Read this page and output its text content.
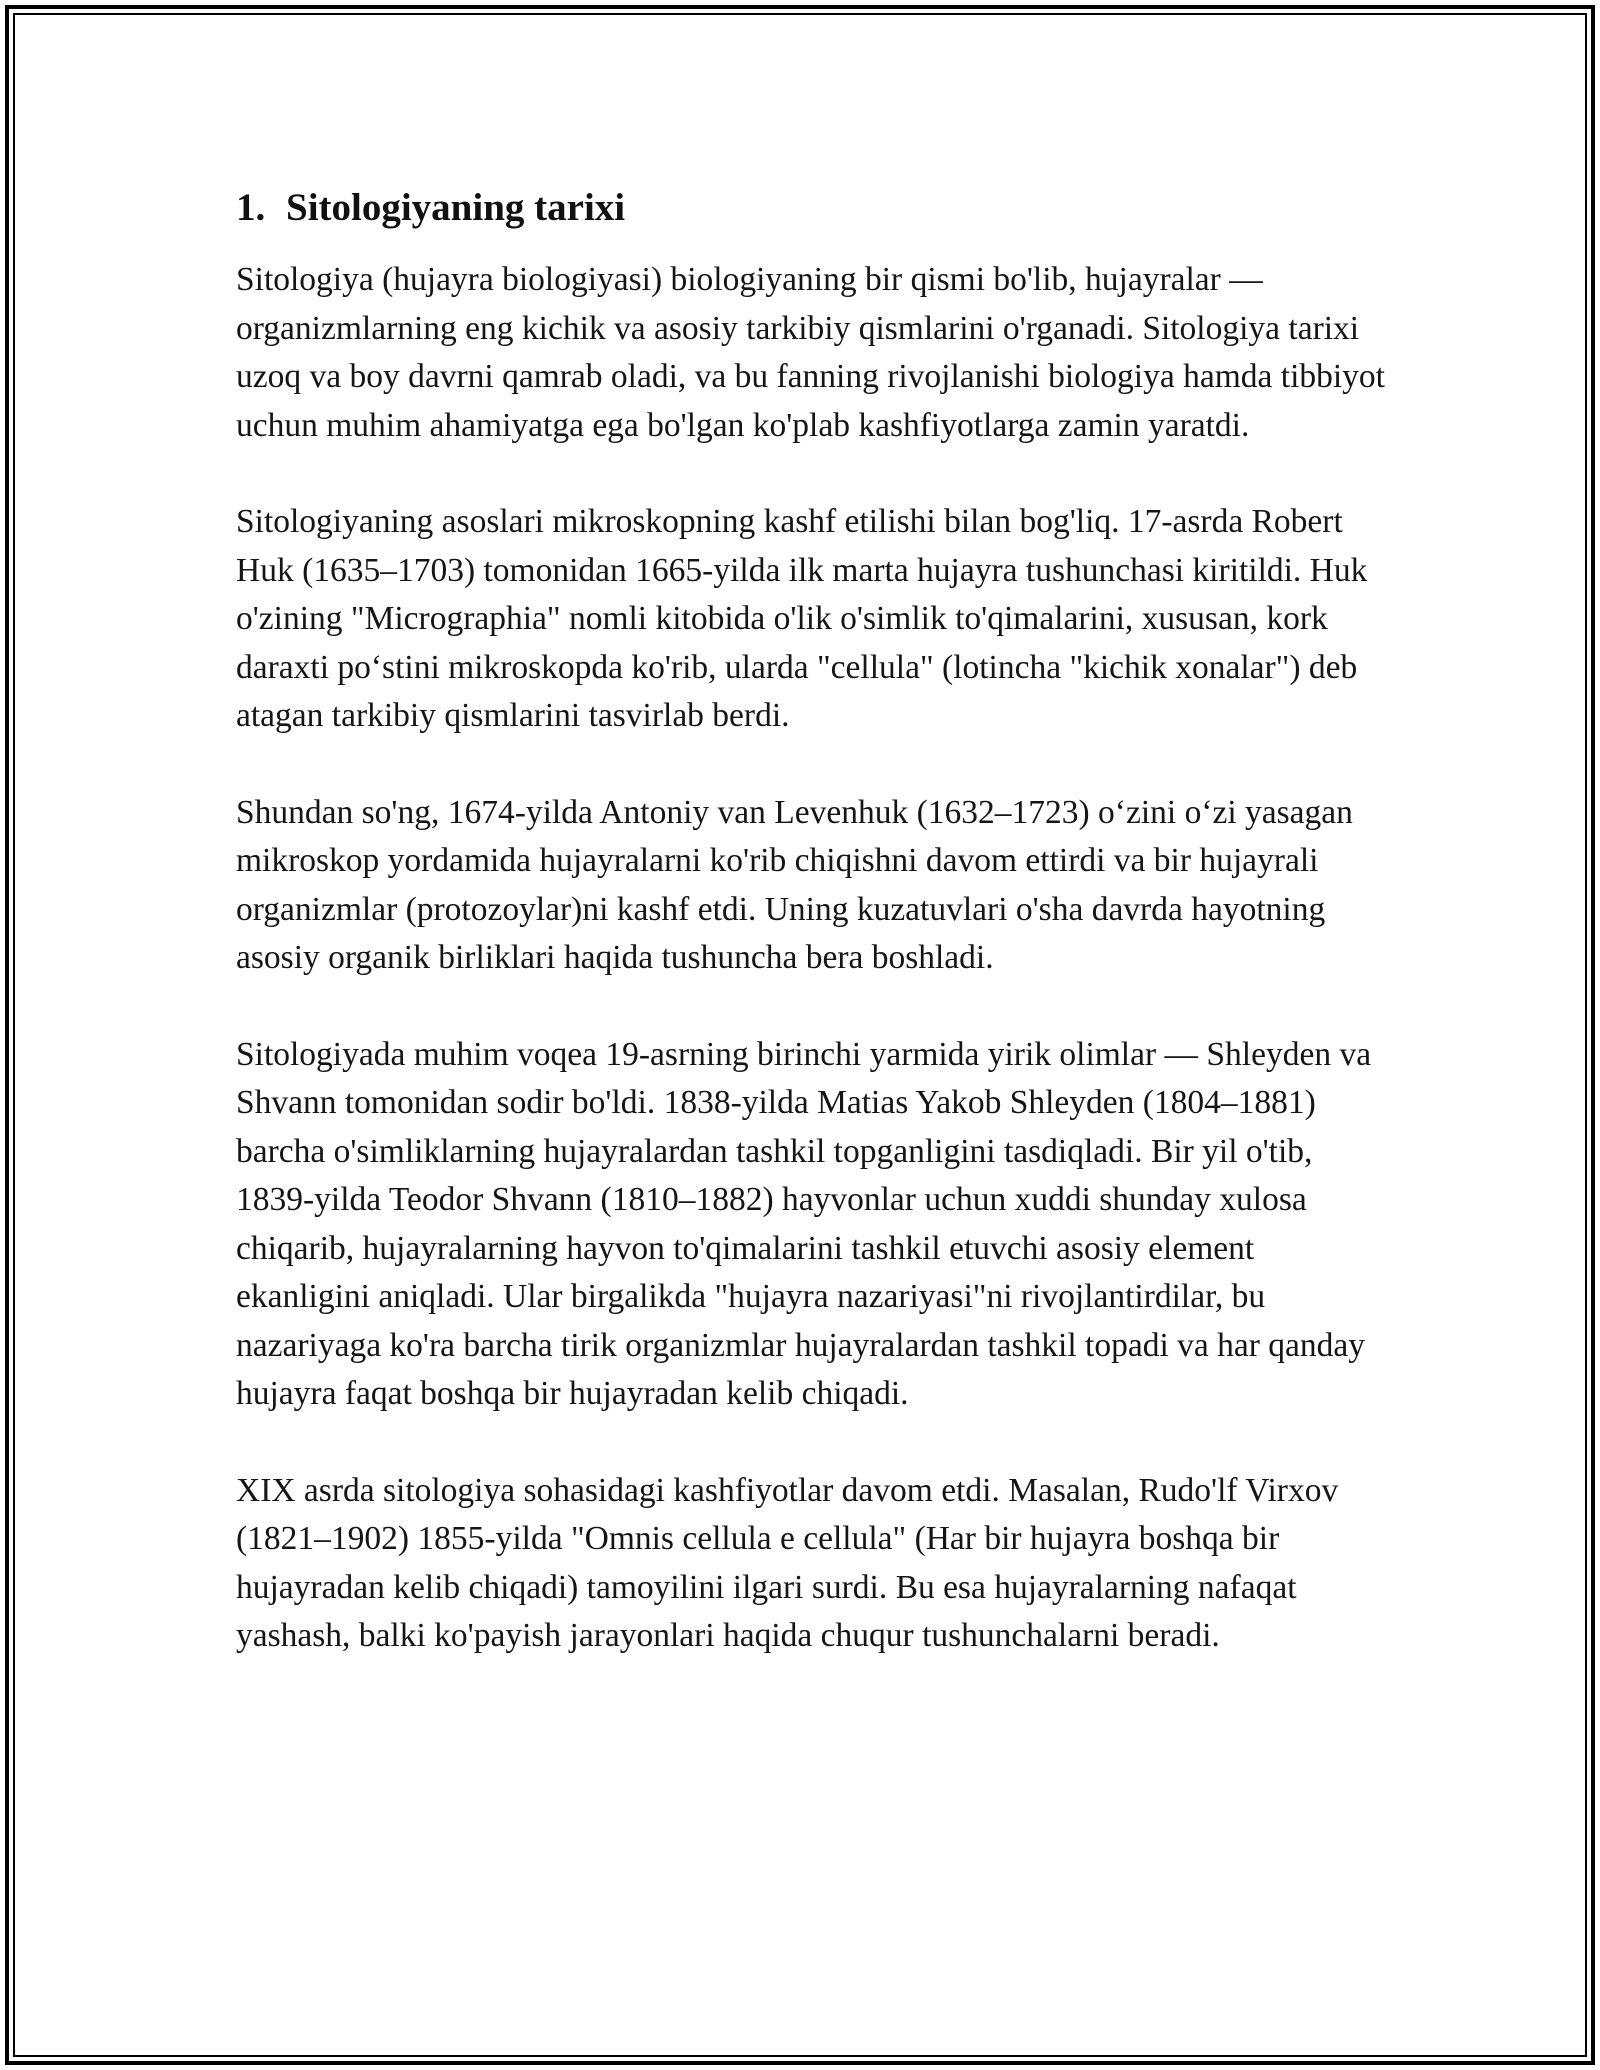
1. Sitologiyaning tarixi

Sitologiya (hujayra biologiyasi) biologiyaning bir qismi bo'lib, hujayralar — organizmlarning eng kichik va asosiy tarkibiy qismlarini o'rganadi. Sitologiya tarixi uzoq va boy davrni qamrab oladi, va bu fanning rivojlanishi biologiya hamda tibbiyot uchun muhim ahamiyatga ega bo'lgan ko'plab kashfiyotlarga zamin yaratdi.

Sitologiyaning asoslari mikroskopning kashf etilishi bilan bog'liq. 17-asrda Robert Huk (1635–1703) tomonidan 1665-yilda ilk marta hujayra tushunchasi kiritildi. Huk o'zining "Micrographia" nomli kitobida o'lik o'simlik to'qimalarini, xususan, kork daraxti po‘stini mikroskopda ko'rib, ularda "cellula" (lotincha "kichik xonalar") deb atagan tarkibiy qismlarini tasvirlab berdi.

Shundan so'ng, 1674-yilda Antoniy van Levenhuk (1632–1723) o‘zini o‘zi yasagan mikroskop yordamida hujayralarni ko'rib chiqishni davom ettirdi va bir hujayrali organizmlar (protozoylar)ni kashf etdi. Uning kuzatuvlari o'sha davrda hayotning asosiy organik birliklari haqida tushuncha bera boshladi.

Sitologiyada muhim voqea 19-asrning birinchi yarmida yirik olimlar — Shleyden va Shvann tomonidan sodir bo'ldi. 1838-yilda Matias Yakob Shleyden (1804–1881) barcha o'simliklarning hujayralardan tashkil topganligini tasdiqladi. Bir yil o'tib, 1839-yilda Teodor Shvann (1810–1882) hayvonlar uchun xuddi shunday xulosa chiqarib, hujayralarning hayvon to'qimalarini tashkil etuvchi asosiy element ekanligini aniqladi. Ular birgalikda "hujayra nazariyasi"ni rivojlantirdilar, bu nazariyaga ko'ra barcha tirik organizmlar hujayralardan tashkil topadi va har qanday hujayra faqat boshqa bir hujayradan kelib chiqadi.

XIX asrda sitologiya sohasidagi kashfiyotlar davom etdi. Masalan, Rudo'lf Virxov (1821–1902) 1855-yilda "Omnis cellula e cellula" (Har bir hujayra boshqa bir hujayradan kelib chiqadi) tamoyilini ilgari surdi. Bu esa hujayralarning nafaqat yashash, balki ko'payish jarayonlari haqida chuqur tushunchalarni beradi.
